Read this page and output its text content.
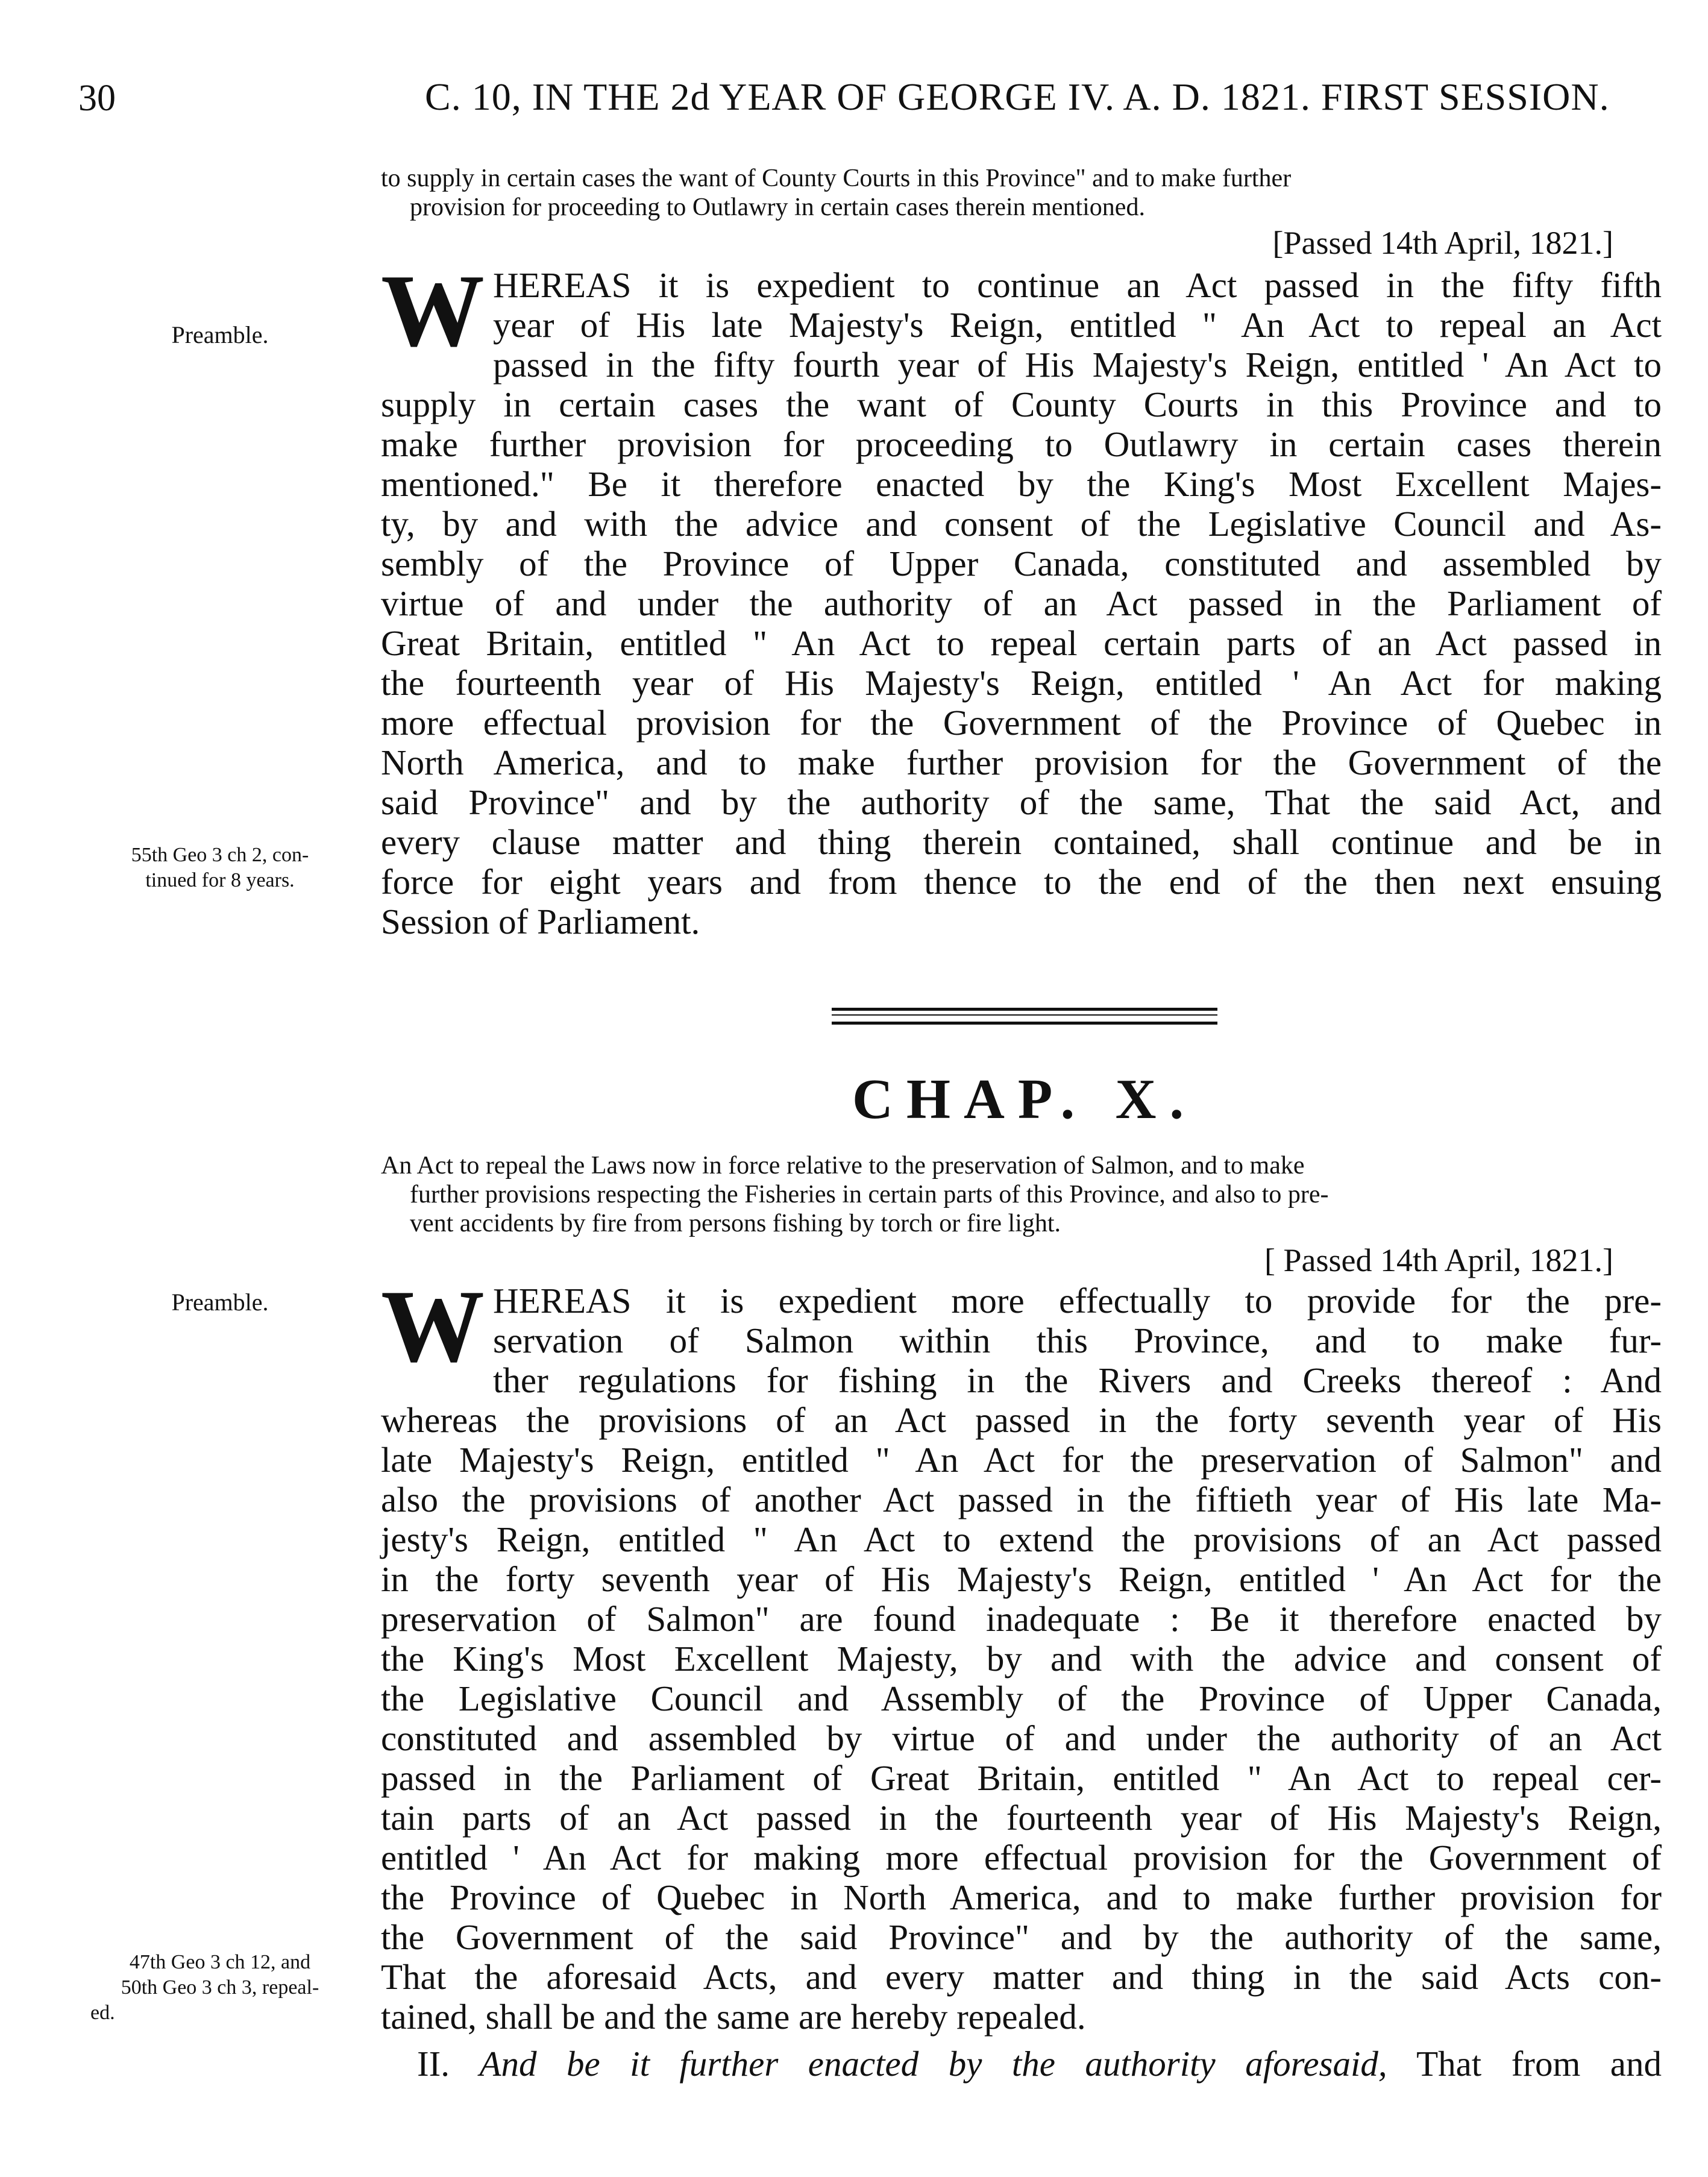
30	C. 10, IN THE 2d YEAR OF GEORGE IV. A. D. 1821. FIRST SESSION.
to supply in certain cases the want of County Courts in this Province" and to make further
provision for proceeding to Outlawry in certain cases therein mentioned.
[Passed 14th April, 1821.]
Preamble.
55th Geo 3 ch 2, con-
tinued for 8 years.
W HEREAS it is expedient to continue an Act passed in the fifty fifth
year of His late Majesty's Reign, entitled " An Act to repeal an Act
passed in the fifty fourth year of His Majesty's Reign, entitled ' An Act to
supply in certain cases the want of County Courts in this Province and to
make further provision for proceeding to Outlawry in certain cases therein
mentioned." Be it therefore enacted by the King's Most Excellent Majes-
ty, by and with the advice and consent of the Legislative Council and As-
sembly of the Province of Upper Canada, constituted and assembled by
virtue of and under the authority of an Act passed in the Parliament of
Great Britain, entitled " An Act to repeal certain parts of an Act passed in
the fourteenth year of His Majesty's Reign, entitled ' An Act for making
more effectual provision for the Government of the Province of Quebec in
North America, and to make further provision for the Government of the
said Province" and by the authority of the same, That the said Act, and
every clause matter and thing therein contained, shall continue and be in
force for eight years and from thence to the end of the then next ensuing
Session of Parliament.
CHAP. X.
An Act to repeal the Laws now in force relative to the preservation of Salmon, and to make
further provisions respecting the Fisheries in certain parts of this Province, and also to pre-
vent accidents by fire from persons fishing by torch or fire light.
[ Passed 14th April, 1821.]
Preamble.
47th Geo 3 ch 12, and
50th Geo 3 ch 3, repeal-
ed.
W HEREAS it is expedient more effectually to provide for the pre-
servation of Salmon within this Province, and to make fur-
ther regulations for fishing in the Rivers and Creeks thereof : And
whereas the provisions of an Act passed in the forty seventh year of His
late Majesty's Reign, entitled " An Act for the preservation of Salmon" and
also the provisions of another Act passed in the fiftieth year of His late Ma-
jesty's Reign, entitled " An Act to extend the provisions of an Act passed
in the forty seventh year of His Majesty's Reign, entitled ' An Act for the
preservation of Salmon" are found inadequate : Be it therefore enacted by
the King's Most Excellent Majesty, by and with the advice and consent of
the Legislative Council and Assembly of the Province of Upper Canada,
constituted and assembled by virtue of and under the authority of an Act
passed in the Parliament of Great Britain, entitled " An Act to repeal cer-
tain parts of an Act passed in the fourteenth year of His Majesty's Reign,
entitled ' An Act for making more effectual provision for the Government of
the Province of Quebec in North America, and to make further provision for
the Government of the said Province" and by the authority of the same,
That the aforesaid Acts, and every matter and thing in the said Acts con-
tained, shall be and the same are hereby repealed.
II. And be it further enacted by the authority aforesaid, That from and
